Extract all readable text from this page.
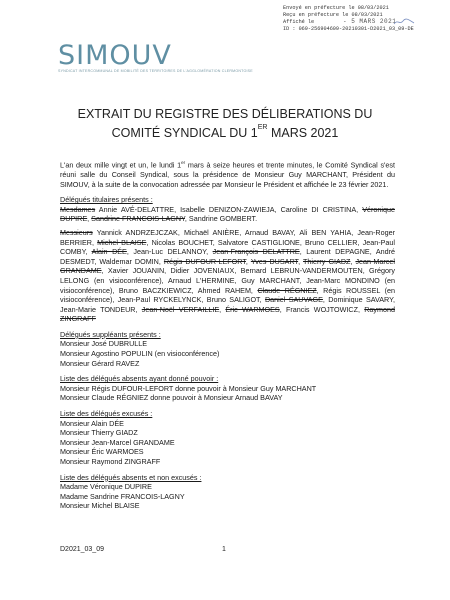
Envoyé en préfecture le 08/03/2021
Reçu en préfecture le 08/03/2021
Affiché le
ID : 069-256904609-20210301-D2021_03_09-DE
- 5 MARS 2021
SIMOUV
SYNDICAT INTERCOMMUNAL DE MOBILITÉ DES TERRITOIRES DE L'AGGLOMÉRATION CLERMONTOISE
EXTRAIT DU REGISTRE DES DÉLIBERATIONS DU
COMITÉ SYNDICAL DU 1ER MARS 2021
L'an deux mille vingt et un, le lundi 1er mars à seize heures et trente minutes, le Comité Syndical s'est réuni salle du Conseil Syndical, sous la présidence de Monsieur Guy MARCHANT, Président du SIMOUV, à la suite de la convocation adressée par Monsieur le Président et affichée le 23 février 2021.
Délégués titulaires présents :
Mesdames Annie AVÉ-DELATTRE, Isabelle DENIZON-ZAWIEJA, Caroline DI CRISTINA, Véronique DUPIRE, Sandrine FRANCOIS-LAGNY, Sandrine GOMBERT.
Messieurs Yannick ANDRZEJCZAK, Michaël ANIÈRE, Arnaud BAVAY, Ali BEN YAHIA, Jean-Roger BERRIER, Michel BLAISE, Nicolas BOUCHET, Salvatore CASTIGLIONE, Bruno CELLIER, Jean-Paul COMBY, Alain DÉE, Jean-Luc DELANNOY, Jean-François DELATTRE, Laurent DEPAGNE, André DESMEDT, Waldemar DOMIN, Régis DUFOUR-LEFORT, Yves DUSART, Thierry GIADZ, Jean-Marcel GRANDAME, Xavier JOUANIN, Didier JOVENIAUX, Bernard LEBRUN-VANDERMOUTEN, Grégory LELONG (en visioconférence), Arnaud L'HERMINE, Guy MARCHANT, Jean-Marc MONDINO (en visioconférence), Bruno BACZKIEWICZ, Ahmed RAHEM, Claude RÉGNIEZ, Régis ROUSSEL (en visioconférence), Jean-Paul RYCKELYNCK, Bruno SALIGOT, Daniel SAUVAGE, Dominique SAVARY, Jean-Marie TONDEUR, Jean-Noël VERFAILLIE, Éric WARMOES, Francis WOJTOWICZ, Raymond ZINGRAFF
Délégués suppléants présents :
Monsieur José DUBRULLE
Monsieur Agostino POPULIN (en visioconférence)
Monsieur Gérard RAVEZ
Liste des délégués absents ayant donné pouvoir :
Monsieur Régis DUFOUR-LEFORT donne pouvoir à Monsieur Guy MARCHANT
Monsieur Claude RÉGNIEZ donne pouvoir à Monsieur Arnaud BAVAY
Liste des délégués excusés :
Monsieur Alain DÉE
Monsieur Thierry GIADZ
Monsieur Jean-Marcel GRANDAME
Monsieur Éric WARMOES
Monsieur Raymond ZINGRAFF
Liste des délégués absents et non excusés :
Madame Véronique DUPIRE
Madame Sandrine FRANCOIS-LAGNY
Monsieur Michel BLAISE
D2021_03_09	1
